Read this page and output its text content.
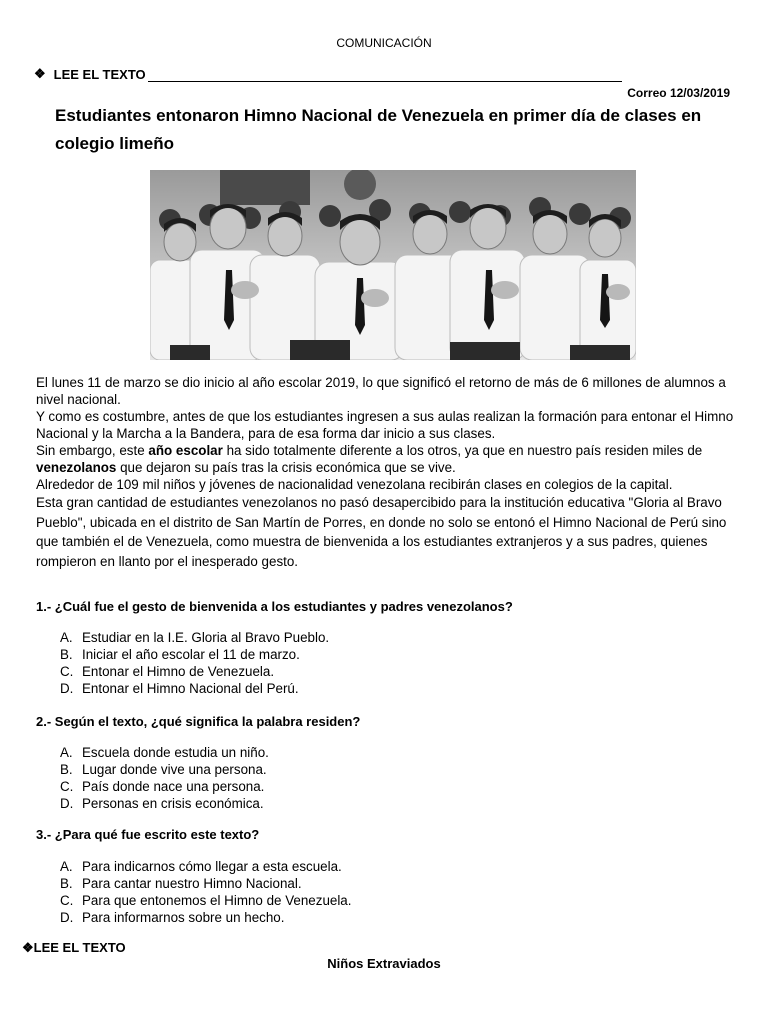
COMUNICACIÓN
❖ LEE EL TEXTO
Correo 12/03/2019
Estudiantes entonaron Himno Nacional de Venezuela en primer día de clases en colegio limeño
El lunes 11 de marzo se dio inicio al año escolar 2019, lo que significó el retorno de más de 6 millones de alumnos a nivel nacional.
Y como es costumbre, antes de que los estudiantes ingresen a sus aulas realizan la formación para entonar el Himno Nacional y la Marcha a la Bandera, para de esa forma dar inicio a sus clases.
Sin embargo, este año escolar ha sido totalmente diferente a los otros, ya que en nuestro país residen miles de venezolanos que dejaron su país tras la crisis económica que se vive.
Alrededor de 109 mil niños y jóvenes de nacionalidad venezolana recibirán clases en colegios de la capital.
Esta gran cantidad de estudiantes venezolanos no pasó desapercibido para la institución educativa "Gloria al Bravo Pueblo", ubicada en el distrito de San Martín de Porres, en donde no solo se entonó el Himno Nacional de Perú sino que también el de Venezuela, como muestra de bienvenida a los estudiantes extranjeros y a sus padres, quienes rompieron en llanto por el inesperado gesto.
1.- ¿Cuál fue el gesto de bienvenida a los estudiantes y padres venezolanos?
A. Estudiar en la I.E. Gloria al Bravo Pueblo.
B. Iniciar el año escolar el 11 de marzo.
C. Entonar el Himno de Venezuela.
D. Entonar el Himno Nacional del Perú.
2.- Según el texto, ¿qué significa la palabra residen?
A. Escuela donde estudia un niño.
B. Lugar donde vive una persona.
C. País donde nace una persona.
D. Personas en crisis económica.
3.- ¿Para qué fue escrito este texto?
A. Para indicarnos cómo llegar a esta escuela.
B. Para cantar nuestro Himno Nacional.
C. Para que entonemos el Himno de Venezuela.
D. Para informarnos sobre un hecho.
❖LEE EL TEXTO
Niños Extraviados
